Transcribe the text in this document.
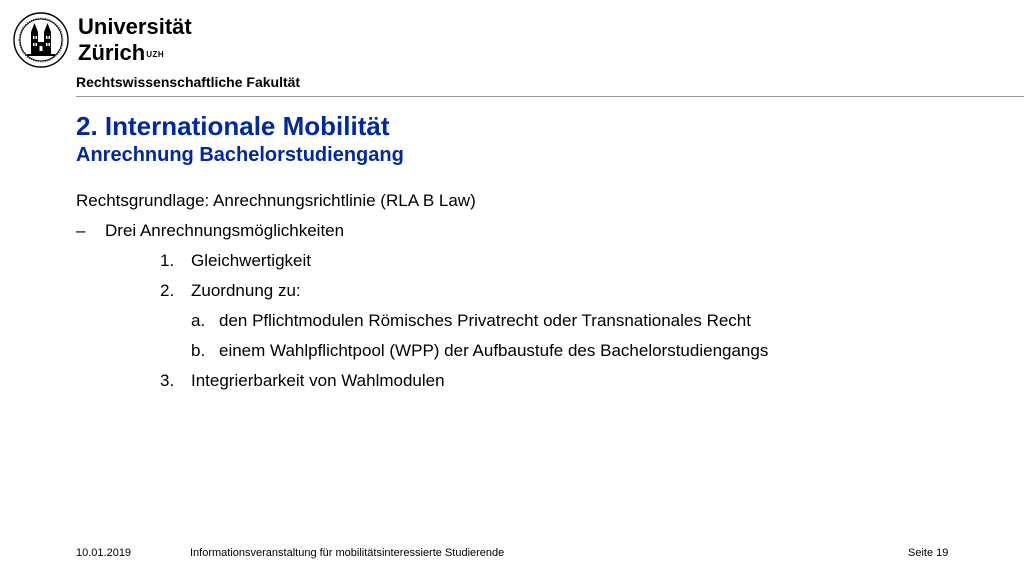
Universität
Zürich$^{UZH}$
Rechtswissenschaftliche Fakultät
2. Internationale Mobilität
Anrechnung Bachelorstudiengang
Rechtsgrundlage: Anrechnungsrichtlinie (RLA B Law)
– Drei Anrechnungsmöglichkeiten
1. Gleichwertigkeit
2. Zuordnung zu:
a. den Pflichtmodulen Römisches Privatrecht oder Transnationales Recht
b. einem Wahlpflichtpool (WPP) der Aufbaustufe des Bachelorstudiengangs
3. Integrierbarkeit von Wahlmodulen
10.01.2019	Informationsveranstaltung für mobilitätsinteressierte Studierende	Seite 19
